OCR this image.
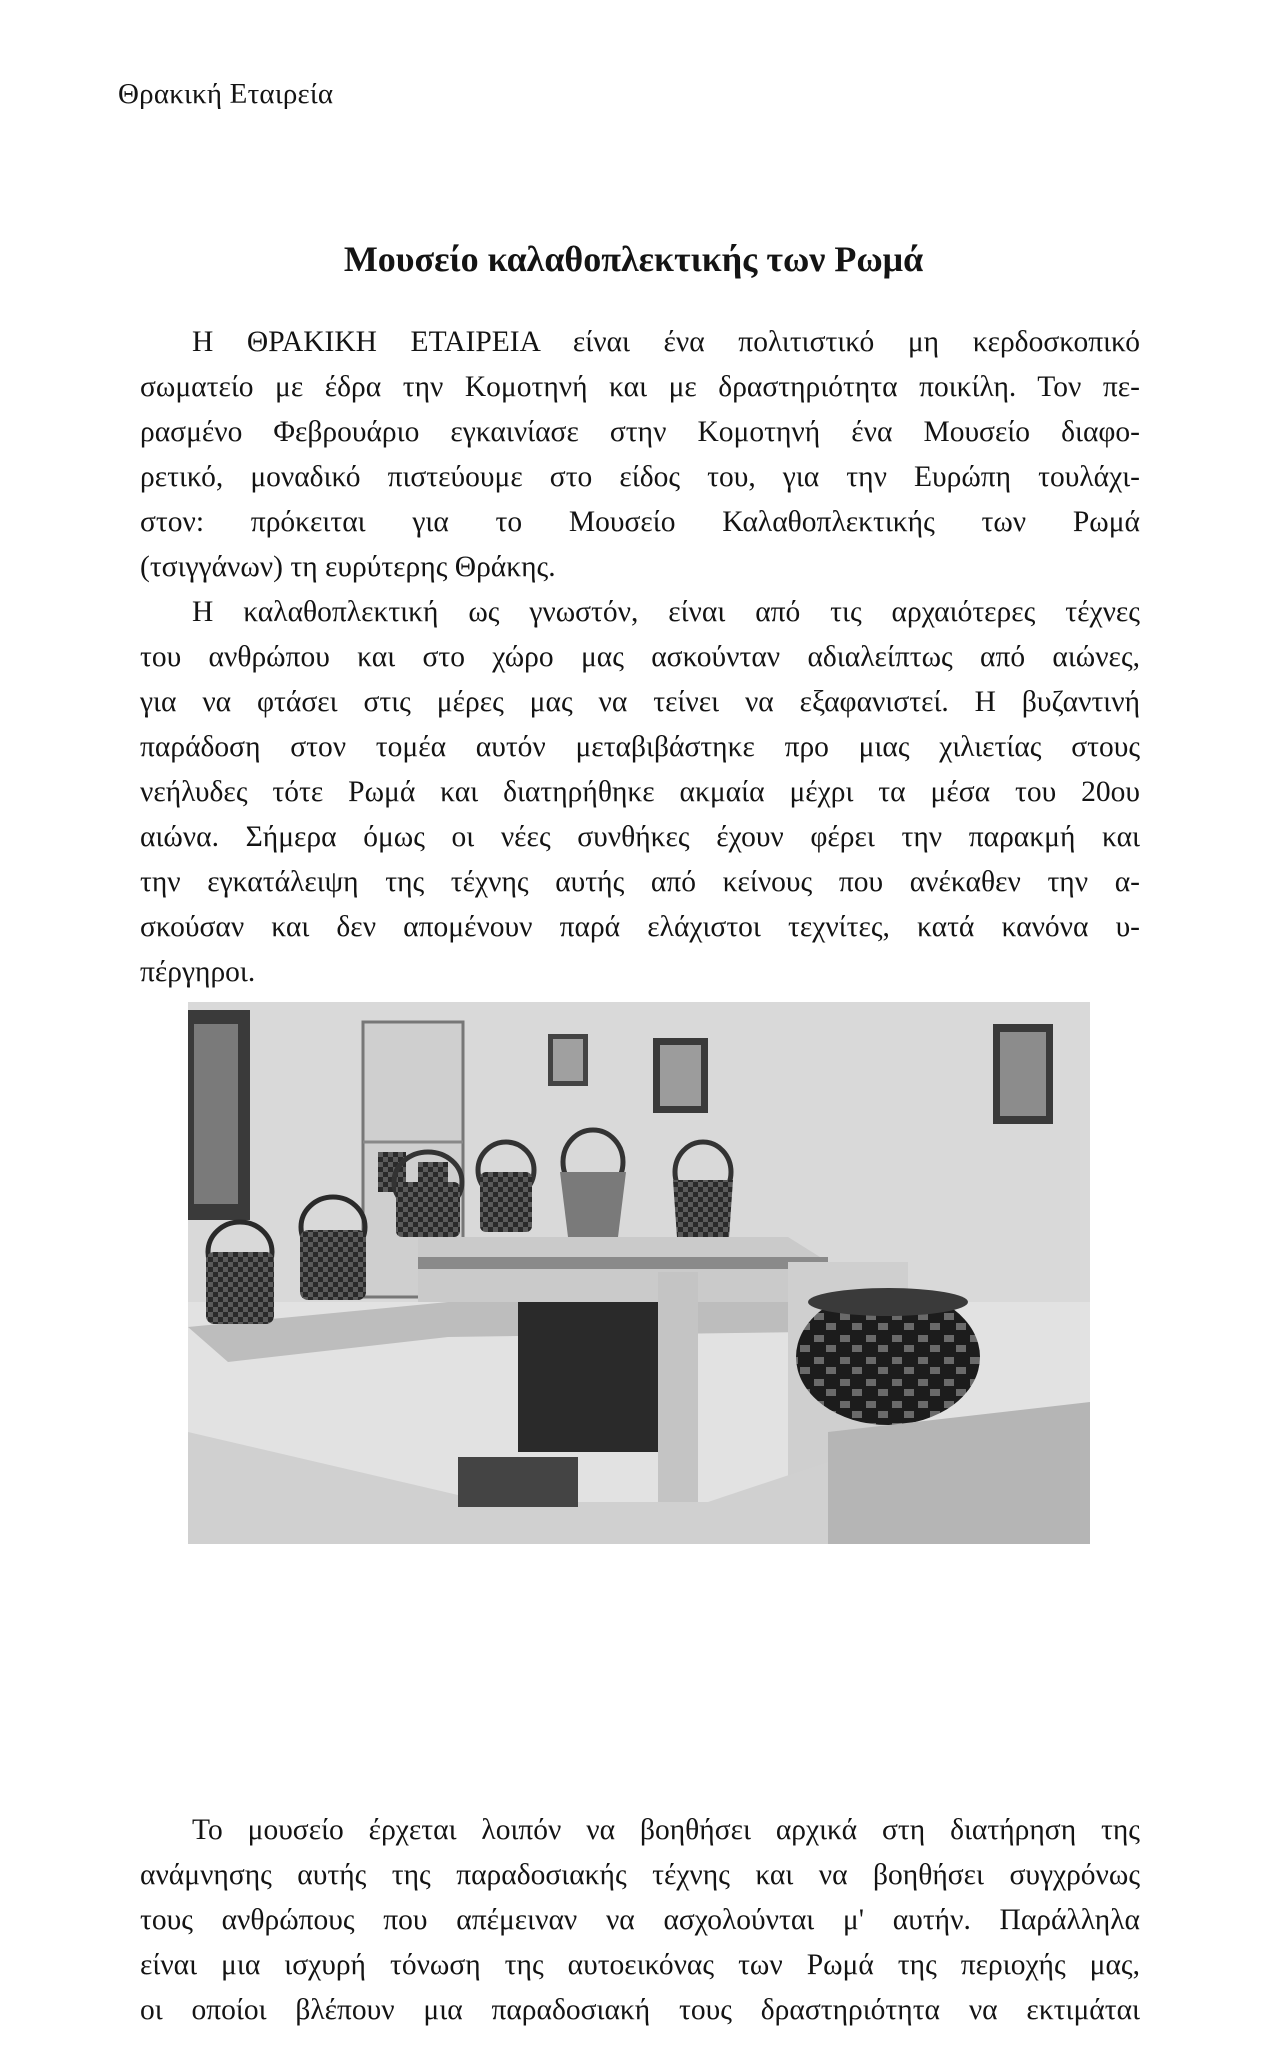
Θρακική Εταιρεία
Μουσείο καλαθοπλεκτικής των Ρωμά
Η ΘΡΑΚΙΚΗ ΕΤΑΙΡΕΙΑ είναι ένα πολιτιστικό μη κερδοσκοπικό
σωματείο με έδρα την Κομοτηνή και με δραστηριότητα ποικίλη. Τον πε-
ρασμένο Φεβρουάριο εγκαινίασε στην Κομοτηνή ένα Μουσείο διαφο-
ρετικό, μοναδικό πιστεύουμε στο είδος του, για την Ευρώπη τουλάχι-
στον: πρόκειται για το Μουσείο Καλαθοπλεκτικής των Ρωμά
(τσιγγάνων) τη ευρύτερης Θράκης.
Η καλαθοπλεκτική ως γνωστόν, είναι από τις αρχαιότερες τέχνες
του ανθρώπου και στο χώρο μας ασκούνταν αδιαλείπτως από αιώνες,
για να φτάσει στις μέρες μας να τείνει να εξαφανιστεί. Η βυζαντινή
παράδοση στον τομέα αυτόν μεταβιβάστηκε προ μιας χιλιετίας στους
νεήλυδες τότε Ρωμά και διατηρήθηκε ακμαία μέχρι τα μέσα του 20ου
αιώνα. Σήμερα όμως οι νέες συνθήκες έχουν φέρει την παρακμή και
την εγκατάλειψη της τέχνης αυτής από κείνους που ανέκαθεν την α-
σκούσαν και δεν απομένουν παρά ελάχιστοι τεχνίτες, κατά κανόνα υ-
πέργηροι.
Το μουσείο έρχεται λοιπόν να βοηθήσει αρχικά στη διατήρηση της
ανάμνησης αυτής της παραδοσιακής τέχνης και να βοηθήσει συγχρόνως
τους ανθρώπους που απέμειναν να ασχολούνται μ' αυτήν. Παράλληλα
είναι μια ισχυρή τόνωση της αυτοεικόνας των Ρωμά της περιοχής μας,
οι οποίοι βλέπουν μια παραδοσιακή τους δραστηριότητα να εκτιμάται
